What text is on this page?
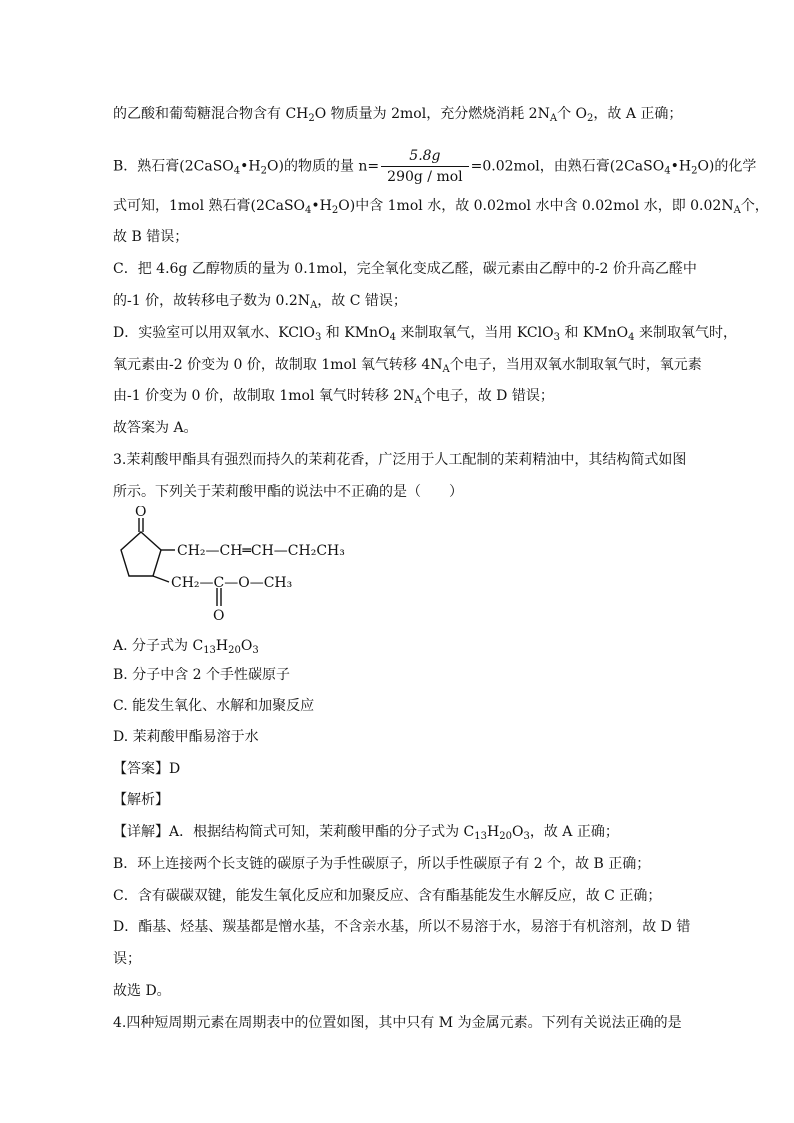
的乙酸和葡萄糖混合物含有 $CH_2O$ 物质量为 2mol，充分燃烧消耗 $2N_A$个 $O_2$，故 A 正确；
B．熟石膏$(2CaSO_4•H_2O)$的物质的量 $n= \frac{5.8g}{\text{290g / mol}} =0.02mol$，由熟石膏$(2CaSO_4•H_2O)$的化学
式可知，1mol 熟石膏$(2CaSO_4•H_2O)$中含 1mol 水，故 0.02mol 水中含 0.02mol 水，即 $0.02N_A$个，
故 B 错误；
C．把 4.6g 乙醇物质的量为 0.1mol，完全氧化变成乙醛，碳元素由乙醇中的-2 价升高乙醛中
的-1 价，故转移电子数为 $0.2N_A$，故 C 错误；
D．实验室可以用双氧水、KClO$_3$ 和 KMnO$_4$ 来制取氧气，当用 KClO$_3$ 和 KMnO$_4$ 来制取氧气时，
氧元素由-2 价变为 0 价，故制取 1mol 氧气转移 $4N_A$个电子，当用双氧水制取氧气时，氧元素
由-1 价变为 0 价，故制取 1mol 氧气时转移 $2N_A$个电子，故 D 错误；
故答案为 A。
3.茉莉酸甲酯具有强烈而持久的茉莉花香，广泛用于人工配制的茉莉精油中，其结构简式如图
所示。下列关于茉莉酸甲酯的说法中不正确的是（　　）
O
CH₂—CH═CH—CH₂CH₃
CH₂—C—O—CH₃
O
A. 分子式为 $C_{13}H_{20}O_3$
B. 分子中含 2 个手性碳原子
C. 能发生氧化、水解和加聚反应
D. 茉莉酸甲酯易溶于水
【答案】D
【解析】
【详解】A．根据结构简式可知，茉莉酸甲酯的分子式为 $C_{13}H_{20}O_3$，故 A 正确；
B．环上连接两个长支链的碳原子为手性碳原子，所以手性碳原子有 2 个，故 B 正确；
C．含有碳碳双键，能发生氧化反应和加聚反应、含有酯基能发生水解反应，故 C 正确；
D．酯基、烃基、羰基都是憎水基，不含亲水基，所以不易溶于水，易溶于有机溶剂，故 D 错
误；
故选 D。
4.四种短周期元素在周期表中的位置如图，其中只有 M 为金属元素。下列有关说法正确的是
